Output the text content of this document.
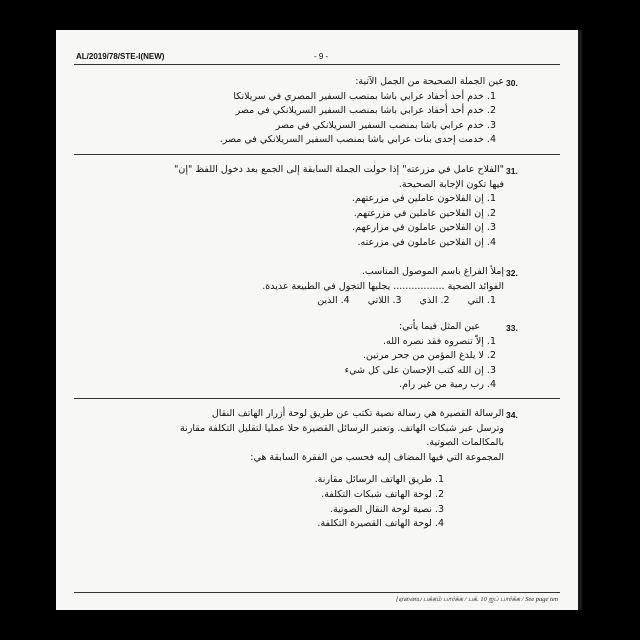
AL/2019/78/STE-I(NEW)	- 9 -
30.
عين الجملة الصحيحة من الجمل الآتية:
1. خدم أحد أحفاد عرابي باشا بمنصب السفير المصري في سريلانكا
2. خدم أحد أحفاد عرابي باشا بمنصب السفير السريلانكي في مصر
3. خدم عرابي باشا بمنصب السفير السريلانكي في مصر
4. خدمت إحدى بنات عرابي باشا بمنصب السفير السريلانكي في مصر.
31.
"الفلاح عامل في مزرعته" إذا حولت الجملة السابقة إلى الجمع بعد دخول اللفظ "إن"
فيها تكون الإجابة الصحيحة.
1. إن الفلاحون عاملين في مزرعتهم.
2. إن الفلاحين عاملين في مزرعتهم.
3. إن الفلاحين عاملون في مزارعهم.
4. إن الفلاحين عاملون في مزرعته.
32.
إملأ الفراغ باسم الموصول المناسب.
الفوائد الصحية ................. يجلبها التجول في الطبيعة عديدة.
1. التي
2. الذي
3. اللاتي
4. الذين
33.
عين المثل فيما يأتي:
1. إلاّ تنصروه فقد نصره الله.
2. لا يلدغ المؤمن من جحر مرتين.
3. إن الله كتب الإحسان على كل شيء
4. رب رمية من غير رام.
34.
الرسالة القصيرة هي رسالة نصية تكتب عن طريق لوحة أزرار الهاتف النقال
وترسل عبر شبكات الهاتف. وتعتبر الرسائل القصيرة حلا عمليا لتقليل التكلفة مقارنة
بالمكالمات الصوتية.
المجموعة التي فيها المضاف إليه فحسب من الفقرة السابقة هي:
1. طريق الهاتف الرسائل مقارنة.
2. لوحة الهاتف شبكات التكلفة.
3. نصية لوحة النقال الصوتية.
4. لوحة الهاتف القصيرة التكلفة.
[ஏனைய பக்கம் பார்க்க / பக். 10 ஐப் பார்க்க / See page ten
